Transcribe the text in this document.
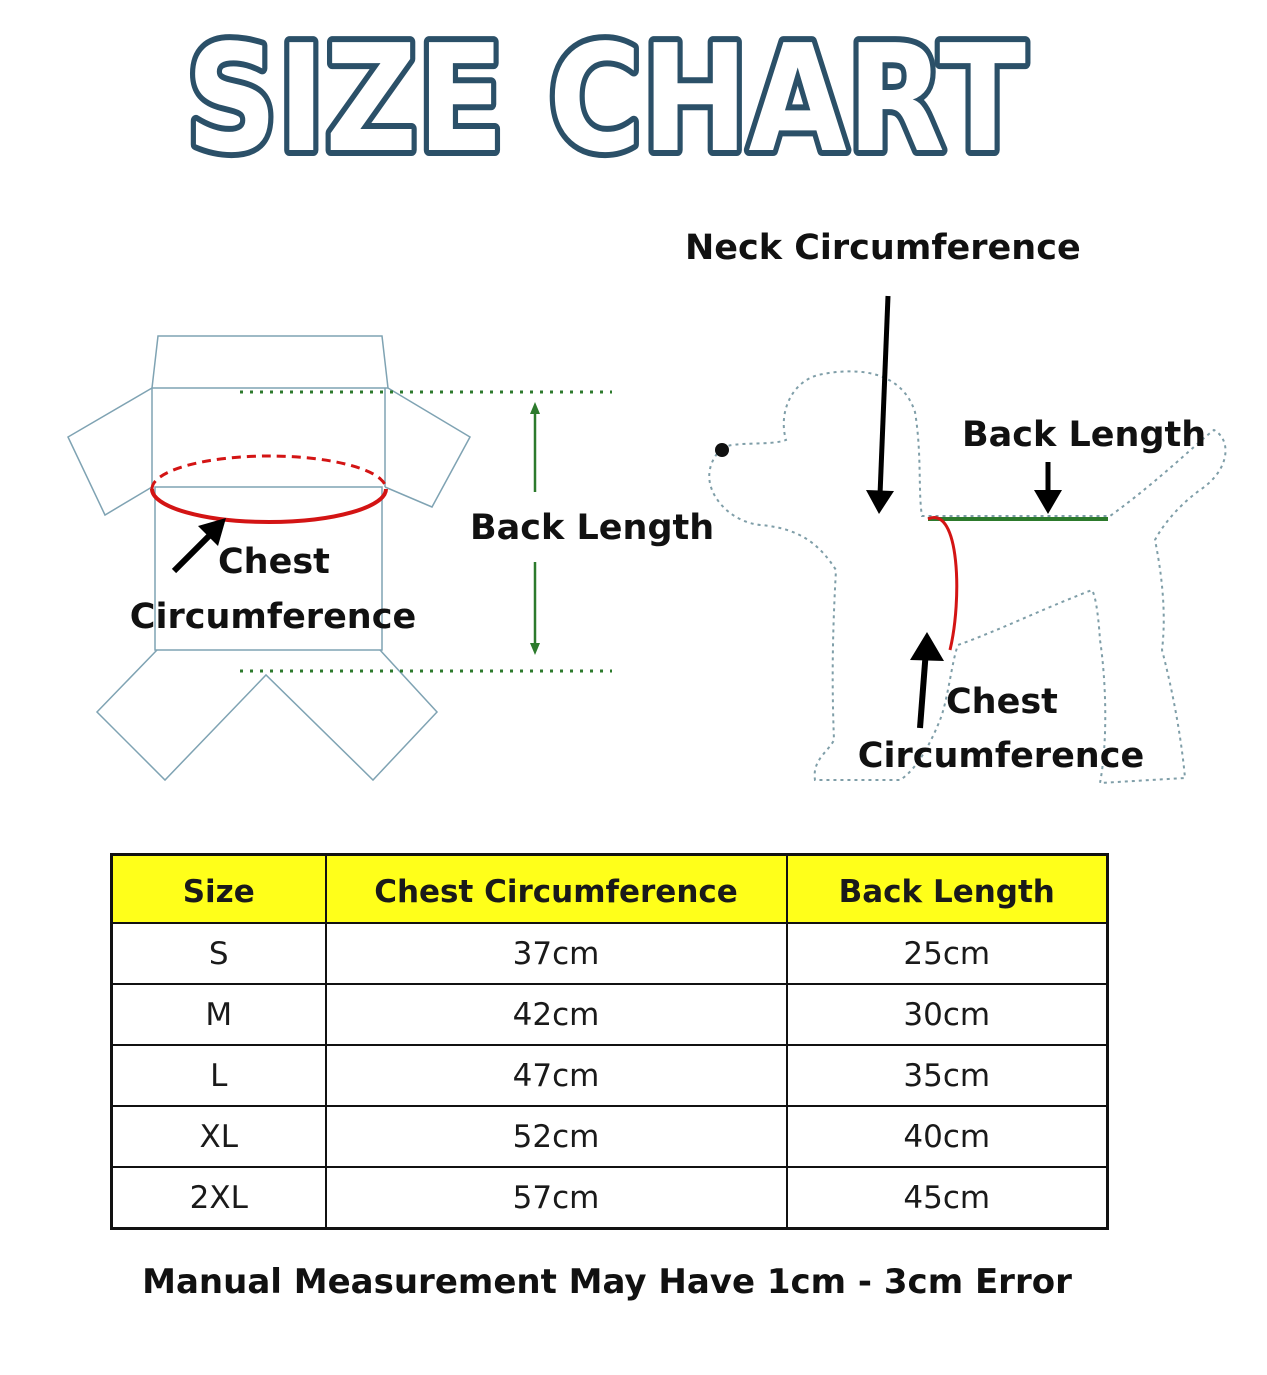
SIZE CHART
Chest
Circumference
Back Length
Neck Circumference
Back Length
Chest
Circumference
Size	Chest Circumference	Back Length
S	37cm	25cm
M	42cm	30cm
L	47cm	35cm
XL	52cm	40cm
2XL	57cm	45cm
Manual Measurement May Have 1cm - 3cm Error
